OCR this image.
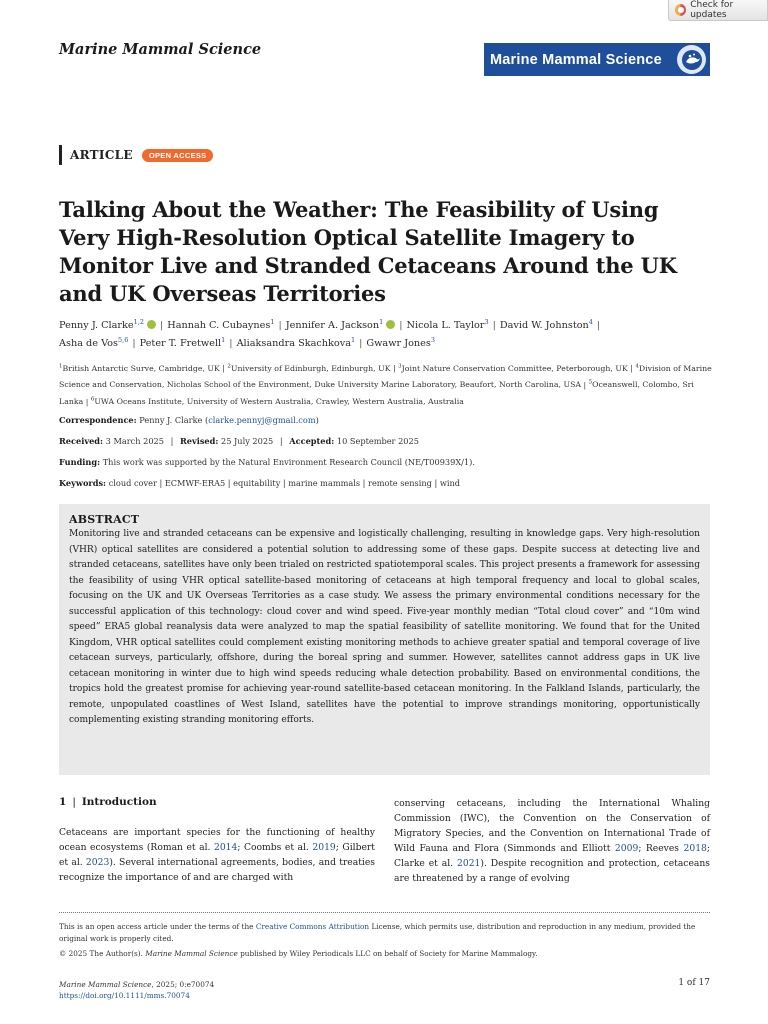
Check for updates
Marine Mammal Science
Marine Mammal Science
ARTICLE	OPEN ACCESS
Talking About the Weather: The Feasibility of Using Very High-Resolution Optical Satellite Imagery to Monitor Live and Stranded Cetaceans Around the UK and UK Overseas Territories
Penny J. Clarke$^{1,2}$ | Hannah C. Cubaynes$^1$ | Jennifer A. Jackson$^1$ | Nicola L. Taylor$^3$ | David W. Johnston$^4$ |
Asha de Vos$^{5,6}$ | Peter T. Fretwell$^1$ | Aliaksandra Skachkova$^1$ | Gwawr Jones$^3$
$^1$British Antarctic Surve, Cambridge, UK | $^2$University of Edinburgh, Edinburgh, UK | $^3$Joint Nature Conservation Committee, Peterborough, UK | $^4$Division of Marine Science and Conservation, Nicholas School of the Environment, Duke University Marine Laboratory, Beaufort, North Carolina, USA | $^5$Oceanswell, Colombo, Sri Lanka | $^6$UWA Oceans Institute, University of Western Australia, Crawley, Western Australia, Australia
Correspondence: Penny J. Clarke (clarke.pennyj@gmail.com)
Received: 3 March 2025 | Revised: 25 July 2025 | Accepted: 10 September 2025
Funding: This work was supported by the Natural Environment Research Council (NE/T00939X/1).
Keywords: cloud cover | ECMWF-ERA5 | equitability | marine mammals | remote sensing | wind
ABSTRACT

Monitoring live and stranded cetaceans can be expensive and logistically challenging, resulting in knowledge gaps. Very high-resolution (VHR) optical satellites are considered a potential solution to addressing some of these gaps. Despite success at detecting live and stranded cetaceans, satellites have only been trialed on restricted spatiotemporal scales. This project presents a framework for assessing the feasibility of using VHR optical satellite-based monitoring of cetaceans at high temporal frequency and local to global scales, focusing on the UK and UK Overseas Territories as a case study. We assess the primary environmental conditions necessary for the successful application of this technology: cloud cover and wind speed. Five-year monthly median “Total cloud cover” and “10m wind speed” ERA5 global reanalysis data were analyzed to map the spatial feasibility of satellite monitoring. We found that for the United Kingdom, VHR optical satellites could complement existing monitoring methods to achieve greater spatial and temporal coverage of live cetacean surveys, particularly, offshore, during the boreal spring and summer. However, satellites cannot address gaps in UK live cetacean monitoring in winter due to high wind speeds reducing whale detection probability. Based on environmental conditions, the tropics hold the greatest promise for achieving year-round satellite-based cetacean monitoring. In the Falkland Islands, particularly, the remote, unpopulated coastlines of West Island, satellites have the potential to improve strandings monitoring, opportunistically complementing existing stranding monitoring efforts.

1 | Introduction
Cetaceans are important species for the functioning of healthy ocean ecosystems (Roman et al. 2014; Coombs et al. 2019; Gilbert et al. 2023). Several international agreements, bodies, and treaties recognize the importance of and are charged with
conserving cetaceans, including the International Whaling Commission (IWC), the Convention on the Conservation of Migratory Species, and the Convention on International Trade of Wild Fauna and Flora (Simmonds and Elliott 2009; Reeves 2018; Clarke et al. 2021). Despite recognition and protection, cetaceans are threatened by a range of evolving
This is an open access article under the terms of the Creative Commons Attribution License, which permits use, distribution and reproduction in any medium, provided the original work is properly cited.
© 2025 The Author(s). Marine Mammal Science published by Wiley Periodicals LLC on behalf of Society for Marine Mammalogy.
Marine Mammal Science, 2025; 0:e70074
https://doi.org/10.1111/mms.70074
1 of 17
